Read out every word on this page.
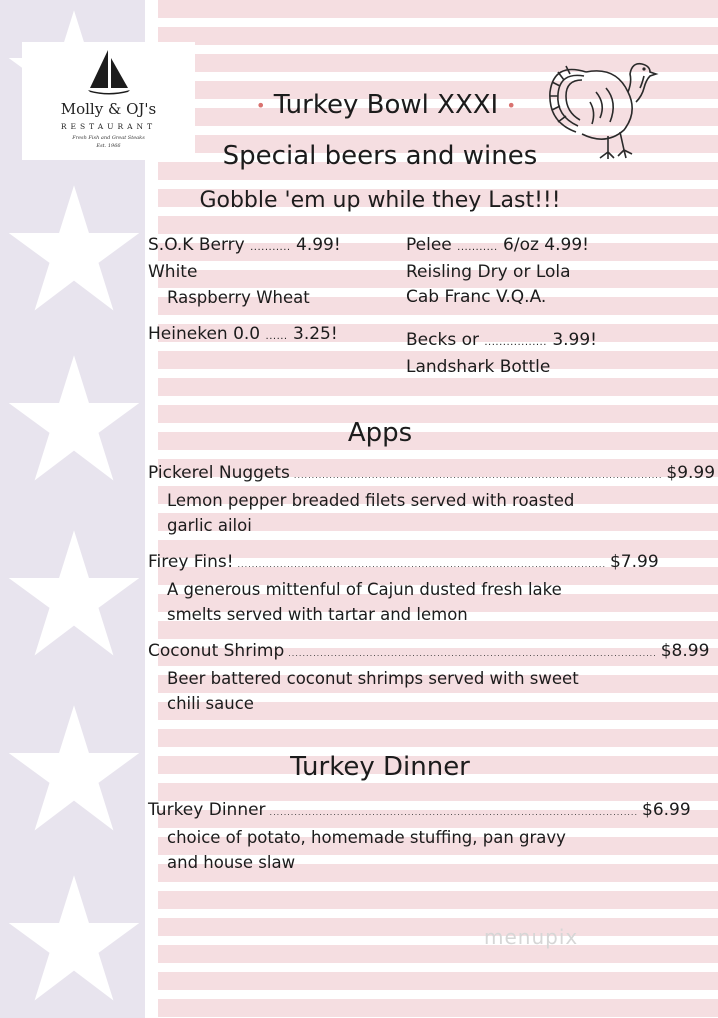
Molly & OJ's
RESTAURANT
Fresh Fish and Great Steaks
Est. 1966
• Turkey Bowl XXXI •
Special beers and wines
Gobble 'em up while they Last!!!
S.O.K Berry ........... 4.99!
White
Raspberry Wheat
Heineken 0.0 ...... 3.25!
Pelee ........... 6/oz 4.99!
Reisling Dry or Lola
Cab Franc V.Q.A.
Becks or ................. 3.99!
Landshark Bottle
Apps
Pickerel Nuggets ........................................................................................................ $9.99
Lemon pepper breaded filets served with roasted garlic ailoi
Firey Fins! ........................................................................................................ $7.99
A generous mittenful of Cajun dusted fresh lake smelts served with tartar and lemon
Coconut Shrimp ........................................................................................................ $8.99
Beer battered coconut shrimps served with sweet chili sauce
Turkey Dinner
Turkey Dinner ........................................................................................................ $6.99
choice of potato, homemade stuffing, pan gravy and house slaw
menupix
